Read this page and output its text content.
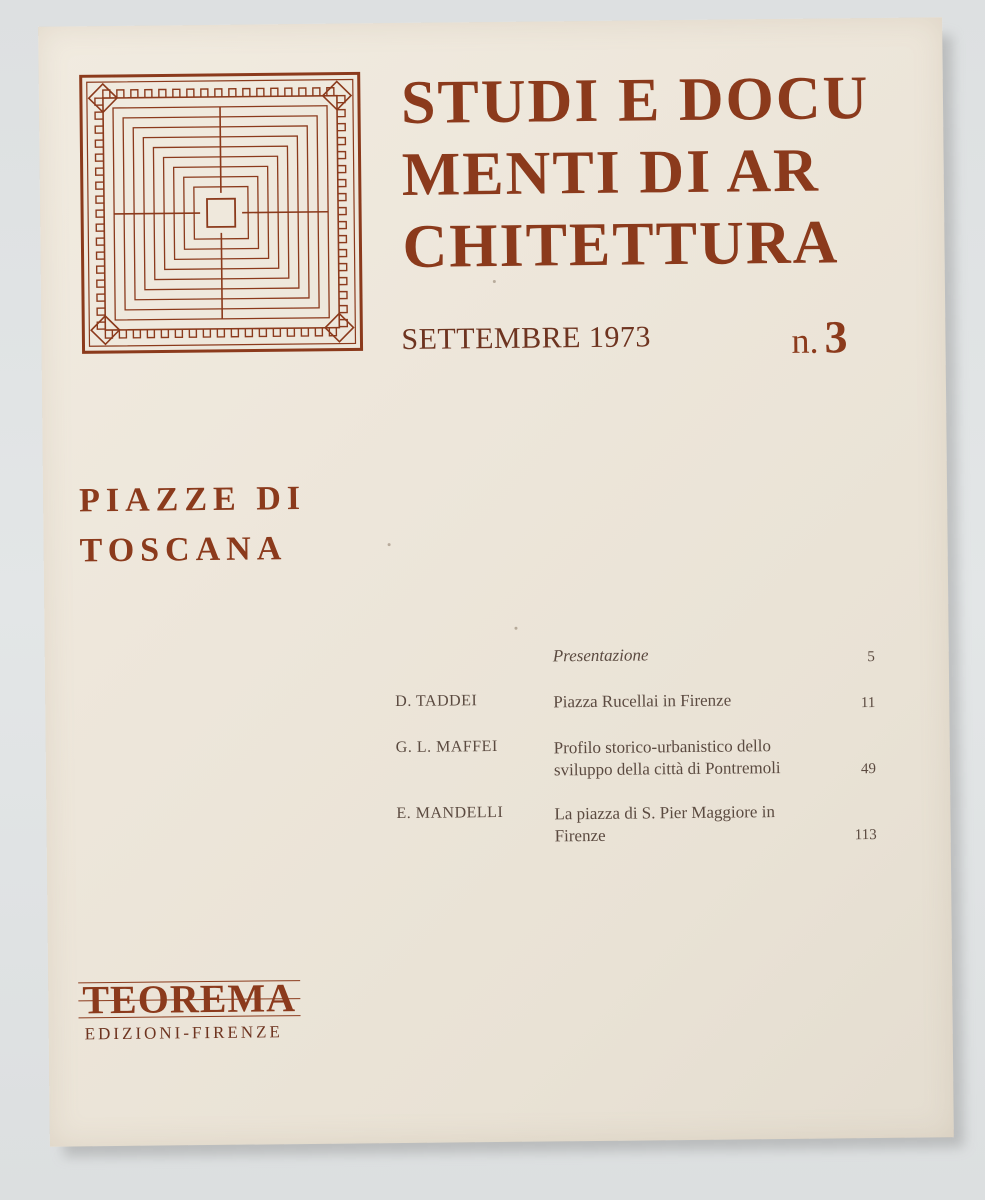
STUDI E DOCU
MENTI DI AR
CHITETTURA
SETTEMBRE 1973	n. 3
PIAZZE DI
TOSCANA
Presentazione	5
D. TADDEI	Piazza Rucellai in Firenze	11
G. L. MAFFEI	Profilo storico-urbanistico dello sviluppo della città di Pontremoli	49
E. MANDELLI	La piazza di S. Pier Maggiore in Firenze	113
TEOREMA
EDIZIONI-FIRENZE
